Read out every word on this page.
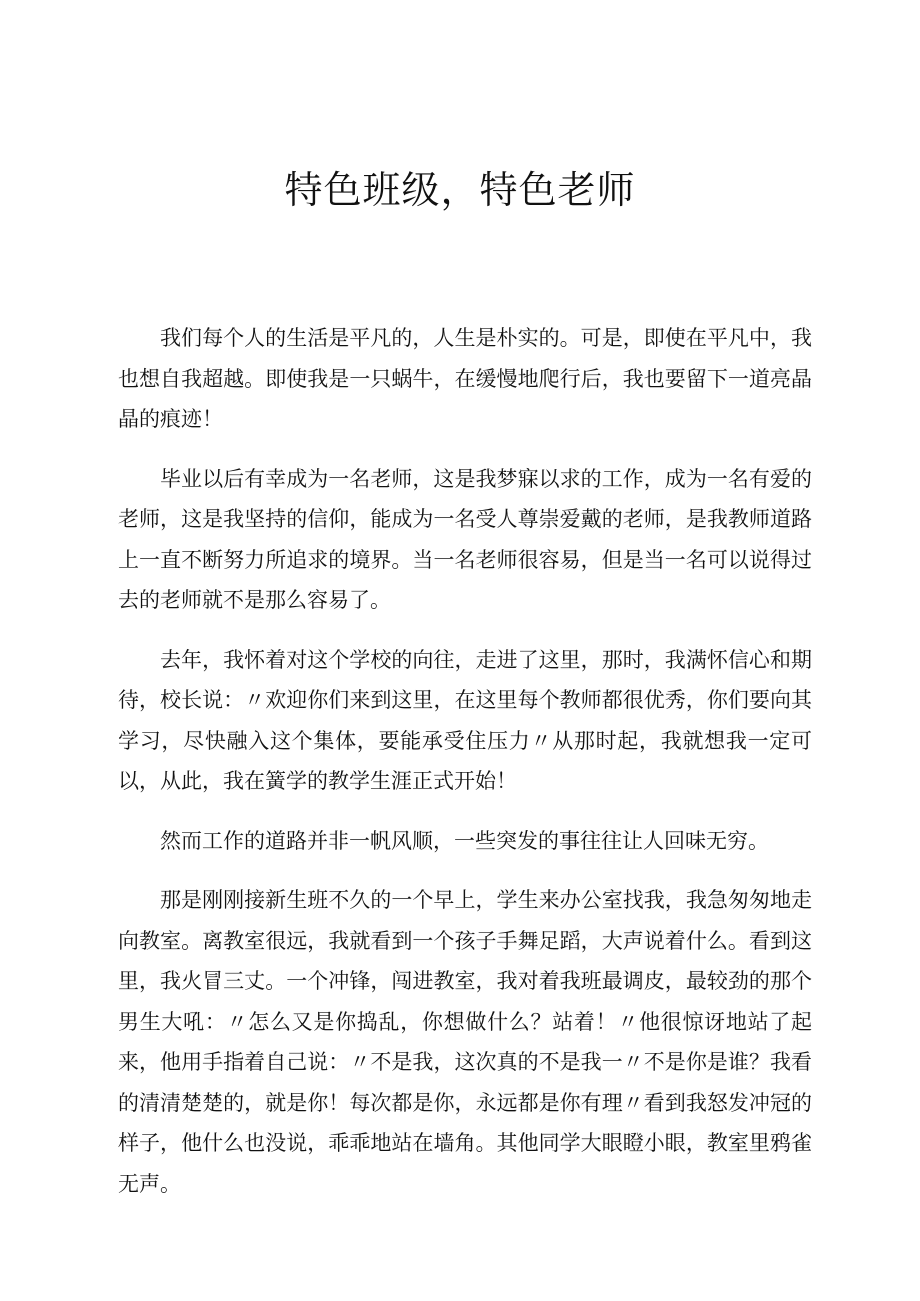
特色班级，特色老师

我们每个人的生活是平凡的，人生是朴实的。可是，即使在平凡中，我也想自我超越。即使我是一只蜗牛，在缓慢地爬行后，我也要留下一道亮晶晶的痕迹！

毕业以后有幸成为一名老师，这是我梦寐以求的工作，成为一名有爱的老师，这是我坚持的信仰，能成为一名受人尊崇爱戴的老师，是我教师道路上一直不断努力所追求的境界。当一名老师很容易，但是当一名可以说得过去的老师就不是那么容易了。

去年，我怀着对这个学校的向往，走进了这里，那时，我满怀信心和期待，校长说：〃欢迎你们来到这里，在这里每个教师都很优秀，你们要向其学习，尽快融入这个集体，要能承受住压力〃从那时起，我就想我一定可以，从此，我在簧学的教学生涯正式开始！

然而工作的道路并非一帆风顺，一些突发的事往往让人回味无穷。

那是刚刚接新生班不久的一个早上，学生来办公室找我，我急匆匆地走向教室。离教室很远，我就看到一个孩子手舞足蹈，大声说着什么。看到这里，我火冒三丈。一个冲锋，闯进教室，我对着我班最调皮，最较劲的那个男生大吼：〃怎么又是你捣乱，你想做什么？站着！〃他很惊讶地站了起来，他用手指着自己说：〃不是我，这次真的不是我一〃不是你是谁？我看的清清楚楚的，就是你！每次都是你，永远都是你有理〃看到我怒发冲冠的样子，他什么也没说，乖乖地站在墙角。其他同学大眼瞪小眼，教室里鸦雀无声。
